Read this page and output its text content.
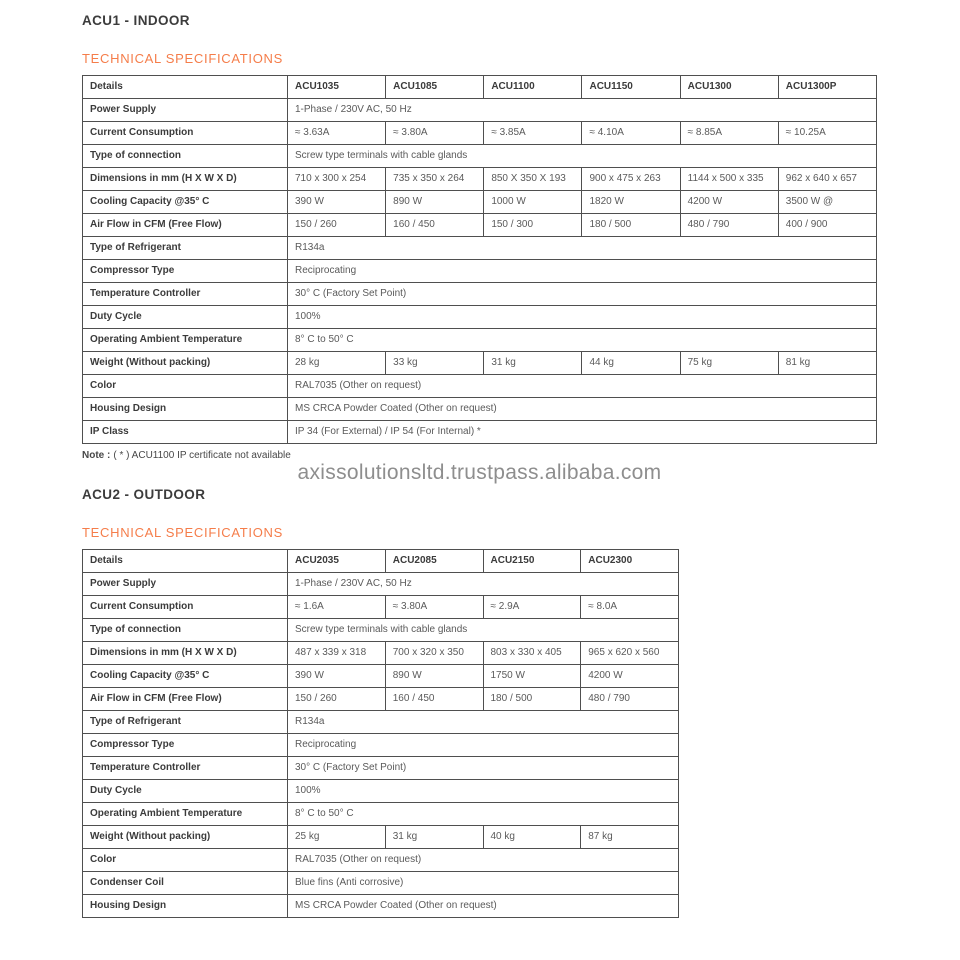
ACU1 - INDOOR
TECHNICAL SPECIFICATIONS
Details	ACU1035	ACU1085	ACU1100	ACU1150	ACU1300	ACU1300P
Power Supply	1-Phase / 230V AC, 50 Hz					
Current Consumption	≈ 3.63A	≈ 3.80A	≈ 3.85A	≈ 4.10A	≈ 8.85A	≈ 10.25A
Type of connection	Screw type terminals with cable glands					
Dimensions in mm (H X W X D)	710 x 300 x 254	735 x 350 x 264	850 X 350 X 193	900 x 475 x 263	1144 x 500 x 335	962 x 640 x 657
Cooling Capacity @35° C	390 W	890 W	1000 W	1820 W	4200 W	3500 W @
Air Flow in CFM (Free Flow)	150 / 260	160 / 450	150 / 300	180 / 500	480 / 790	400 / 900
Type of Refrigerant	R134a					
Compressor Type	Reciprocating					
Temperature Controller	30° C (Factory Set Point)					
Duty Cycle	100%					
Operating Ambient Temperature	8° C to 50° C					
Weight (Without packing)	28 kg	33 kg	31 kg	44 kg	75 kg	81 kg
Color	RAL7035 (Other on request)					
Housing Design	MS CRCA Powder Coated (Other on request)					
IP Class	IP 34 (For External) / IP 54 (For Internal) *					

Note : ( * ) ACU1100 IP certificate not available

axissolutionsltd.trustpass.alibaba.com
ACU2 - OUTDOOR
TECHNICAL SPECIFICATIONS
Details	ACU2035	ACU2085	ACU2150	ACU2300
Power Supply	1-Phase / 230V AC, 50 Hz			
Current Consumption	≈ 1.6A	≈ 3.80A	≈ 2.9A	≈ 8.0A
Type of connection	Screw type terminals with cable glands			
Dimensions in mm (H X W X D)	487 x 339 x 318	700 x 320 x 350	803 x 330 x 405	965 x 620 x 560
Cooling Capacity @35° C	390 W	890 W	1750 W	4200 W
Air Flow in CFM (Free Flow)	150 / 260	160 / 450	180 / 500	480 / 790
Type of Refrigerant	R134a			
Compressor Type	Reciprocating			
Temperature Controller	30° C (Factory Set Point)			
Duty Cycle	100%			
Operating Ambient Temperature	8° C to 50° C			
Weight (Without packing)	25 kg	31 kg	40 kg	87 kg
Color	RAL7035 (Other on request)			
Condenser Coil	Blue fins (Anti corrosive)			
Housing Design	MS CRCA Powder Coated (Other on request)			
